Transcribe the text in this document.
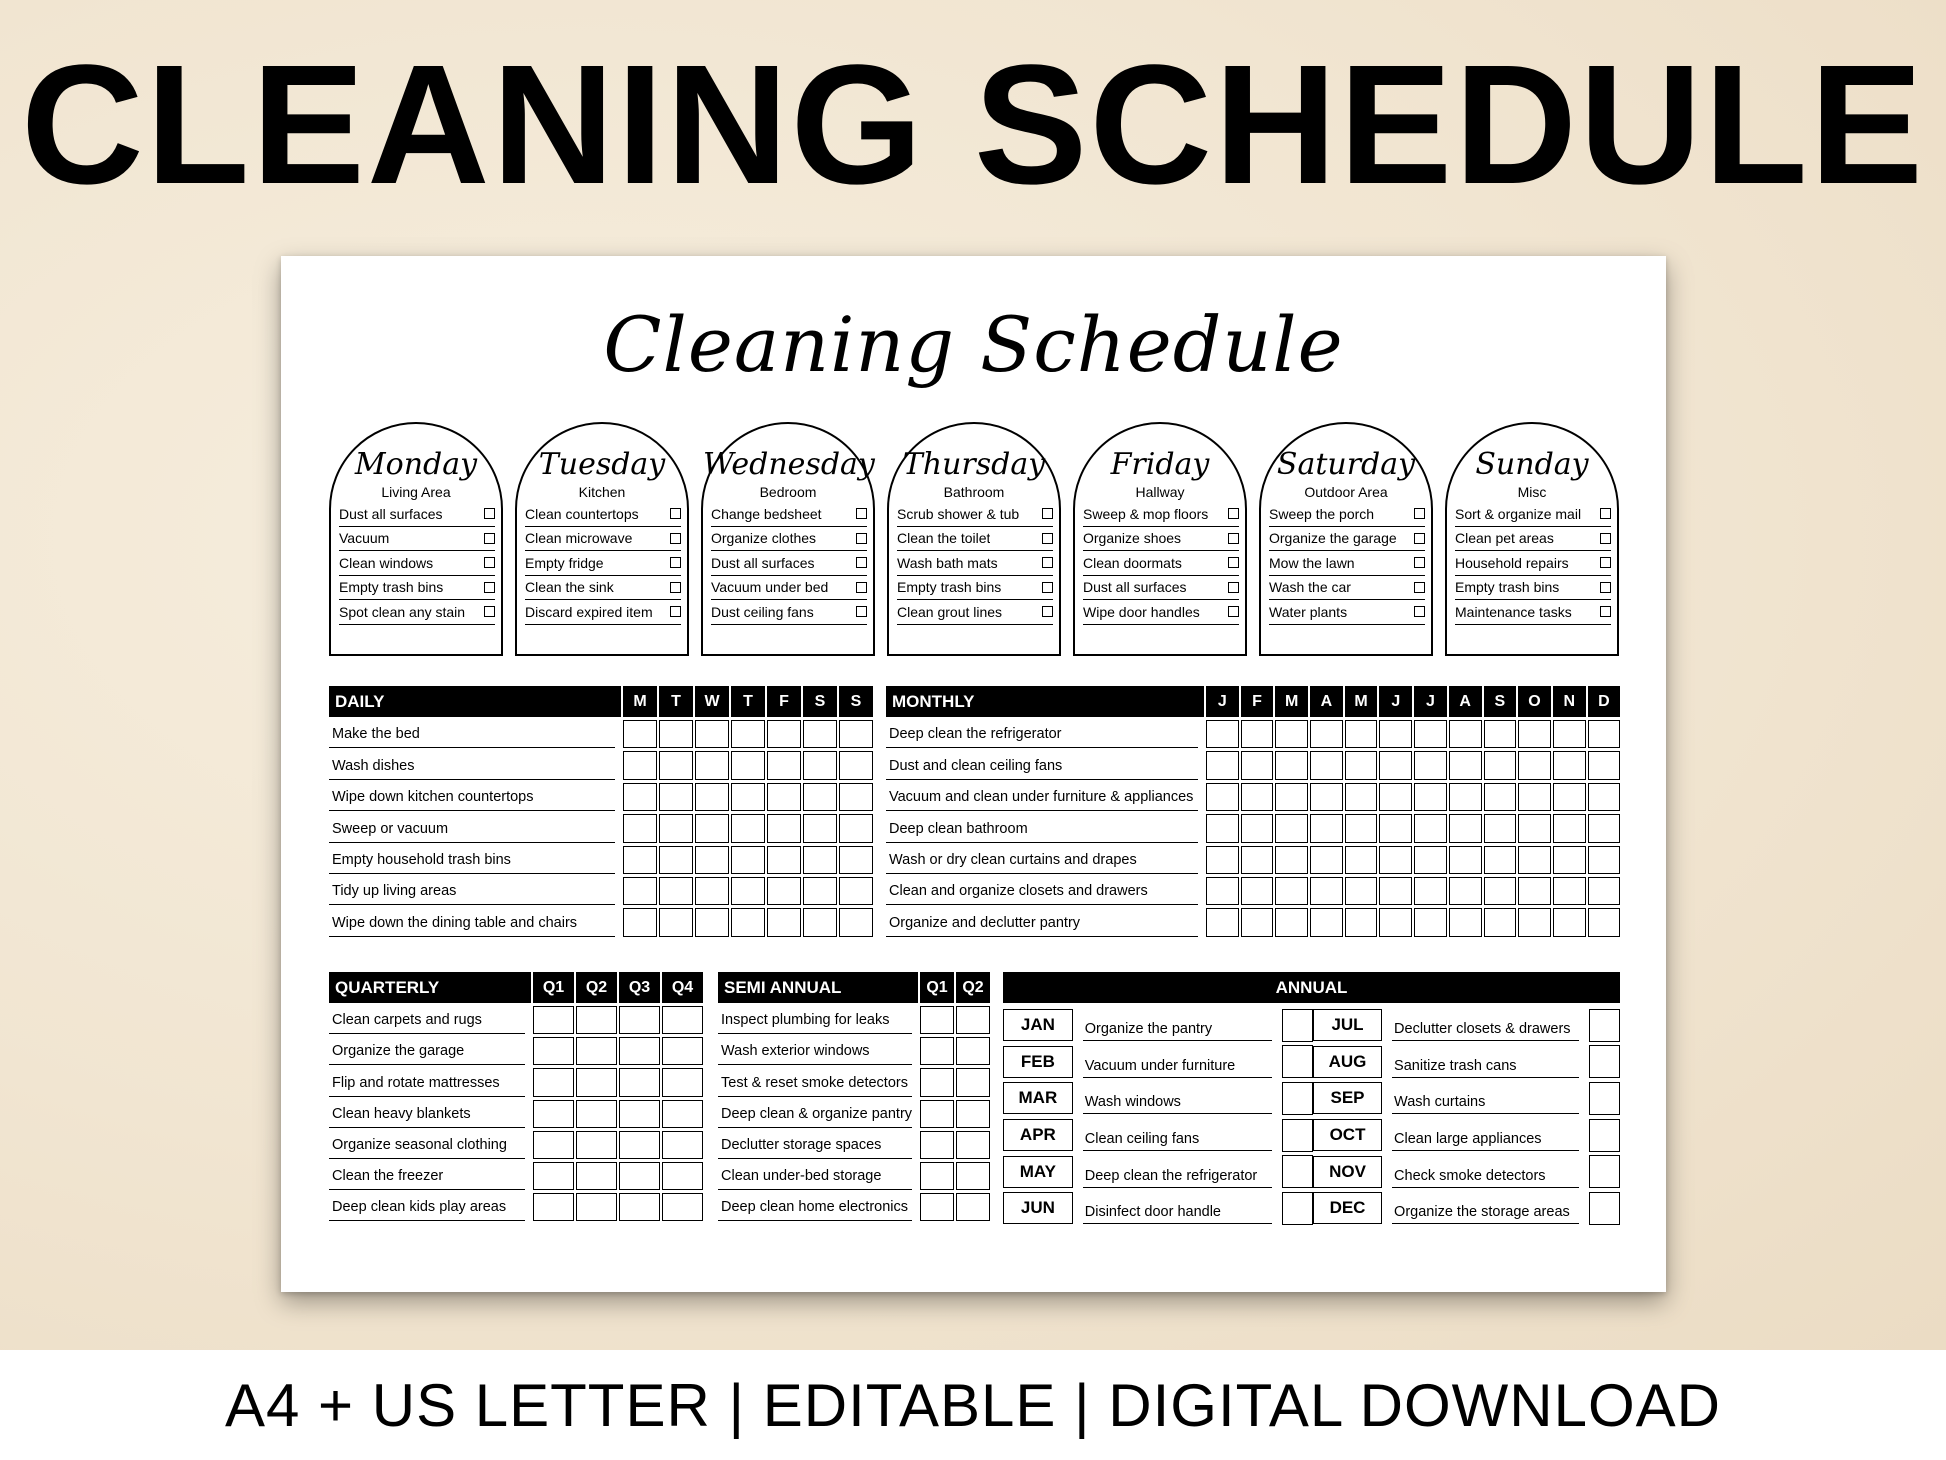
CLEANING SCHEDULE
Cleaning Schedule
Monday
Living Area
Dust all surfaces
Vacuum
Clean windows
Empty trash bins
Spot clean any stain
Tuesday
Kitchen
Clean countertops
Clean microwave
Empty fridge
Clean the sink
Discard expired item
Wednesday
Bedroom
Change bedsheet
Organize clothes
Dust all surfaces
Vacuum under bed
Dust ceiling fans
Thursday
Bathroom
Scrub shower & tub
Clean the toilet
Wash bath mats
Empty trash bins
Clean grout lines
Friday
Hallway
Sweep & mop floors
Organize shoes
Clean doormats
Dust all surfaces
Wipe door handles
Saturday
Outdoor Area
Sweep the porch
Organize the garage
Mow the lawn
Wash the car
Water plants
Sunday
Misc
Sort & organize mail
Clean pet areas
Household repairs
Empty trash bins
Maintenance tasks
DAILY	M	T	W	T	F	S	S
Make the bed
Wash dishes
Wipe down kitchen countertops
Sweep or vacuum
Empty household trash bins
Tidy up living areas
Wipe down the dining table and chairs
MONTHLY	J	F	M	A	M	J	J	A	S	O	N	D
Deep clean the refrigerator
Dust and clean ceiling fans
Vacuum and clean under furniture & appliances
Deep clean bathroom
Wash or dry clean curtains and drapes
Clean and organize closets and drawers
Organize and declutter pantry
QUARTERLY	Q1	Q2	Q3	Q4
Clean carpets and rugs
Organize the garage
Flip and rotate mattresses
Clean heavy blankets
Organize seasonal clothing
Clean the freezer
Deep clean kids play areas
SEMI ANNUAL	Q1 Q2
Inspect plumbing for leaks
Wash exterior windows
Test & reset smoke detectors
Deep clean & organize pantry
Declutter storage spaces
Clean under-bed storage
Deep clean home electronics
ANNUAL
JAN	Organize the pantry
FEB	Vacuum under furniture
MAR	Wash windows
APR	Clean ceiling fans
MAY	Deep clean the refrigerator
JUN	Disinfect door handle
JUL	Declutter closets & drawers
AUG	Sanitize trash cans
SEP	Wash curtains
OCT	Clean large appliances
NOV	Check smoke detectors
DEC	Organize the storage areas
A4 + US LETTER | EDITABLE | DIGITAL DOWNLOAD
